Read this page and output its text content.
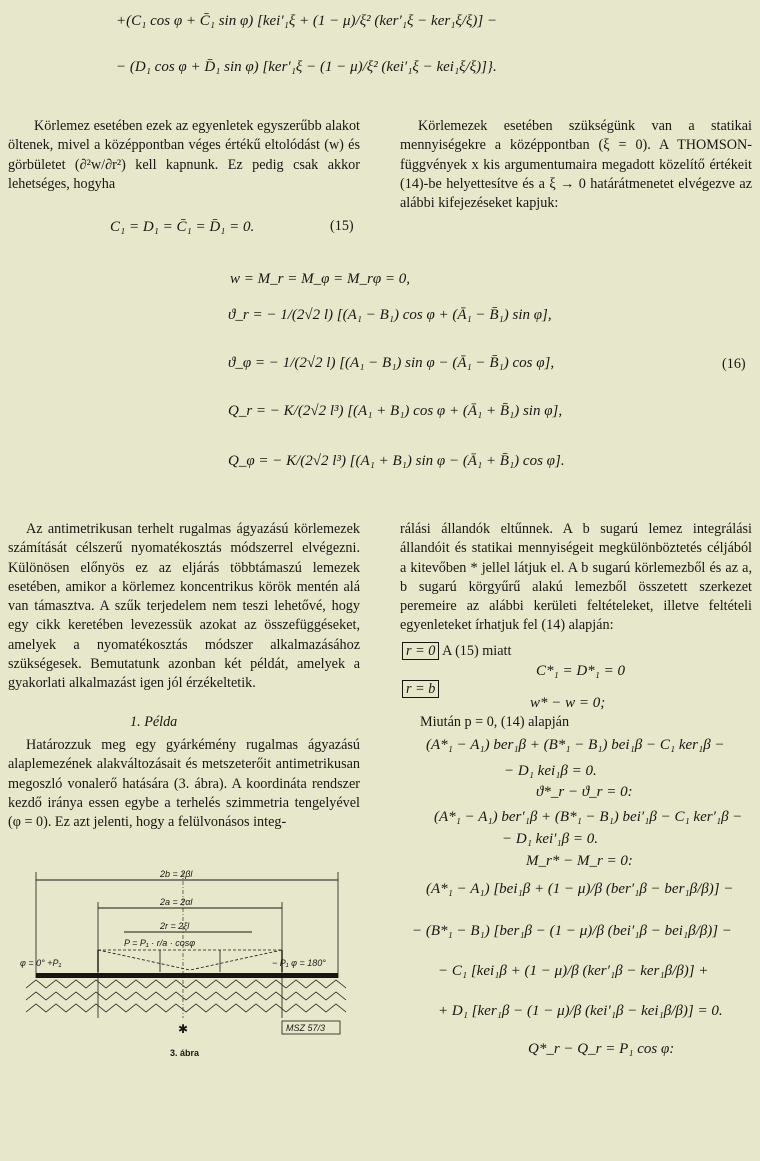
+(C₁ cos φ + C̄₁ sin φ) [kei′₁ξ + (1 − μ)/ξ² (ker′₁ξ − ker₁ξ/ξ)] −
− (D₁ cos φ + D̄₁ sin φ) [ker′₁ξ − (1 − μ)/ξ² (kei′₁ξ − kei₁ξ/ξ)]}.

Körlemez esetében ezek az egyenletek egyszerűbb alakot öltenek, mivel a középpontban véges értékű eltolódást (w) és görbületet (∂²w/∂r²) kell kapnunk. Ez pedig csak akkor lehetséges, hogyha

C₁ = D₁ = C̄₁ = D̄₁ = 0.	(15)

Körlemezek esetében szükségünk van a statikai mennyiségekre a középpontban (ξ = 0). A THOMSON-függvények x kis argumentumaira megadott közelítő értékeit (14)-be helyettesítve és a ξ → 0 határátmenetet elvégezve az alábbi kifejezéseket kapjuk:

w = M_r = M_φ = M_rφ = 0,
ϑ_r = − 1/(2√2 l) [(A₁ − B₁) cos φ + (Ā₁ − B̄₁) sin φ],
ϑ_φ = − 1/(2√2 l) [(A₁ − B₁) sin φ − (Ā₁ − B̄₁) cos φ],
Q_r = − K/(2√2 l³) [(A₁ + B₁) cos φ + (Ā₁ + B̄₁) sin φ],
Q_φ = − K/(2√2 l³) [(A₁ + B₁) sin φ − (Ā₁ + B̄₁) cos φ].
(16)

Az antimetrikusan terhelt rugalmas ágyazású körlemezek számítását célszerű nyomatékosztás módszerrel elvégezni. Különösen előnyös ez az eljárás többtámaszú lemezek esetében, amikor a körlemez koncentrikus körök mentén alá van támasztva. A szűk terjedelem nem teszi lehetővé, hogy egy cikk keretében levezessük azokat az összefüggéseket, amelyek a nyomatékosztás módszer alkalmazásához szükségesek. Bemutatunk azonban két példát, amelyek a gyakorlati alkalmazást igen jól érzékeltetik.

1. Példa

Határozzuk meg egy gyárkémény rugalmas ágyazású alaplemezének alakváltozásait és metszeterőit antimetrikusan megoszló vonalerő hatására (3. ábra). A koordináta rendszer kezdő iránya essen egybe a terhelés szimmetria tengelyével (φ = 0). Ez azt jelenti, hogy a felülvonásos integ-

2b = 2βl
2a = 2αl
2r = 2ξl
P = P₁ · r/a · cosφ
φ = 0° +P₁	− P₁ φ = 180°
✱	MSZ 57/3
3. ábra

rálási állandók eltűnnek. A b sugarú lemez integrálási állandóit és statikai mennyiségeit megkülönböztetés céljából a kitevőben * jellel látjuk el. A b sugarú körlemezből és az a, b sugarú körgyűrű alakú lemezből összetett szerkezet peremeire az alábbi kerületi feltételeket, illetve feltételi egyenleteket írhatjuk fel (14) alapján:

r = 0 A (15) miatt
C*₁ = D*₁ = 0
r = b
w* − w = 0;
Miután p = 0, (14) alapján
(A*₁ − A₁) ber₁β + (B*₁ − B₁) bei₁β − C₁ ker₁β −
− D₁ kei₁β = 0.
ϑ*_r − ϑ_r = 0:
(A*₁ − A₁) ber′₁β + (B*₁ − B₁) bei′₁β − C₁ ker′₁β −
− D₁ kei′₁β = 0.
M_r* − M_r = 0:
(A*₁ − A₁) [bei₁β + (1 − μ)/β (ber′₁β − ber₁β/β)] −
− (B*₁ − B₁) [ber₁β − (1 − μ)/β (bei′₁β − bei₁β/β)] −
− C₁ [kei₁β + (1 − μ)/β (ker′₁β − ker₁β/β)] +
+ D₁ [ker₁β − (1 − μ)/β (kei′₁β − kei₁β/β)] = 0.
Q*_r − Q_r = P₁ cos φ:
